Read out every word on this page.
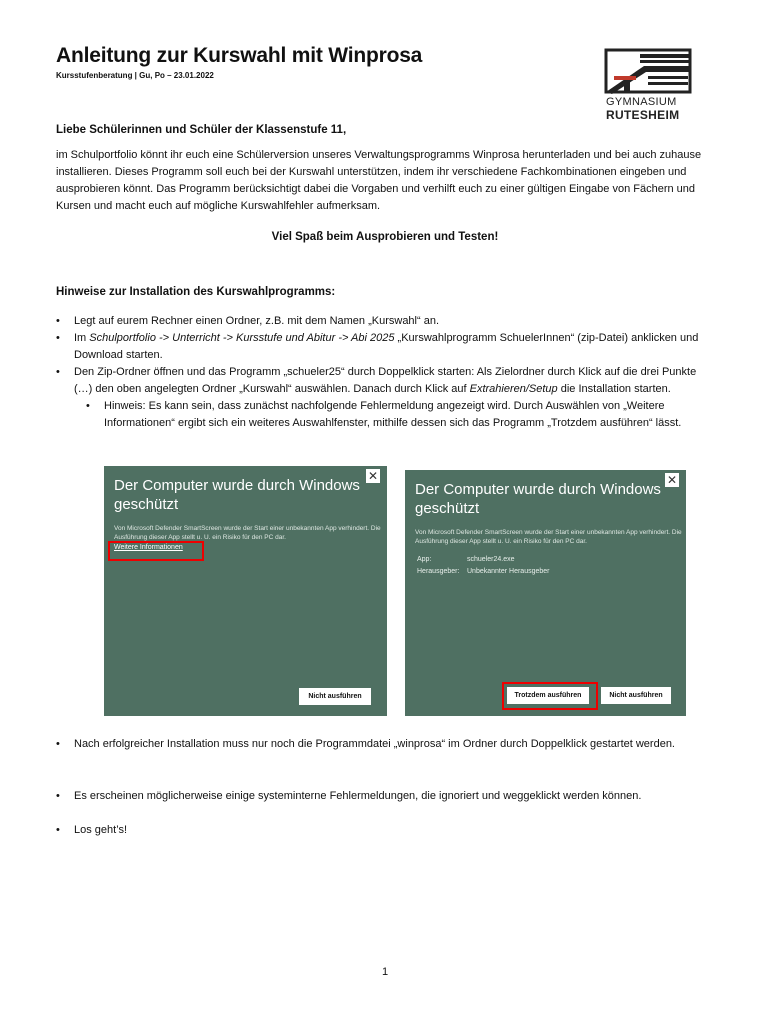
Anleitung zur Kurswahl mit Winprosa
Kursstufenberatung | Gu, Po – 23.01.2022
GYMNASIUM
RUTESHEIM
Liebe Schülerinnen und Schüler der Klassenstufe 11,
im Schulportfolio könnt ihr euch eine Schülerversion unseres Verwaltungsprogramms Winprosa herunterladen und bei auch zuhause installieren. Dieses Programm soll euch bei der Kurswahl unterstützen, indem ihr verschiedene Fachkombinationen eingeben und ausprobieren könnt. Das Programm berücksichtigt dabei die Vorgaben und verhilft euch zu einer gültigen Eingabe von Fächern und Kursen und macht euch auf mögliche Kurswahlfehler aufmerksam.
Viel Spaß beim Ausprobieren und Testen!
Hinweise zur Installation des Kurswahlprogramms:
• Legt auf eurem Rechner einen Ordner, z.B. mit dem Namen „Kurswahl“ an.
• Im Schulportfolio -> Unterricht -> Kursstufe und Abitur -> Abi 2025 „Kurswahlprogramm SchuelerInnen“ (zip-Datei) anklicken und Download starten.
• Den Zip-Ordner öffnen und das Programm „schueler25“ durch Doppelklick starten: Als Zielordner durch Klick auf die drei Punkte (…) den oben angelegten Ordner „Kurswahl“ auswählen. Danach durch Klick auf Extrahieren/Setup die Installation starten.
• Hinweis: Es kann sein, dass zunächst nachfolgende Fehlermeldung angezeigt wird. Durch Auswählen von „Weitere Informationen“ ergibt sich ein weiteres Auswahlfenster, mithilfe dessen sich das Programm „Trotzdem ausführen“ lässt.
✕
Der Computer wurde durch Windows geschützt
Von Microsoft Defender SmartScreen wurde der Start einer unbekannten App verhindert. Die Ausführung dieser App stellt u. U. ein Risiko für den PC dar.
Weitere Informationen
Nicht ausführen
✕
Der Computer wurde durch Windows geschützt
Von Microsoft Defender SmartScreen wurde der Start einer unbekannten App verhindert. Die Ausführung dieser App stellt u. U. ein Risiko für den PC dar.
App:	schueler24.exe
Herausgeber: Unbekannter Herausgeber
Trotzdem ausführen	Nicht ausführen
• Nach erfolgreicher Installation muss nur noch die Programmdatei „winprosa“ im Ordner durch Doppelklick gestartet werden.
• Es erscheinen möglicherweise einige systeminterne Fehlermeldungen, die ignoriert und weggeklickt werden können.
• Los geht’s!
1
